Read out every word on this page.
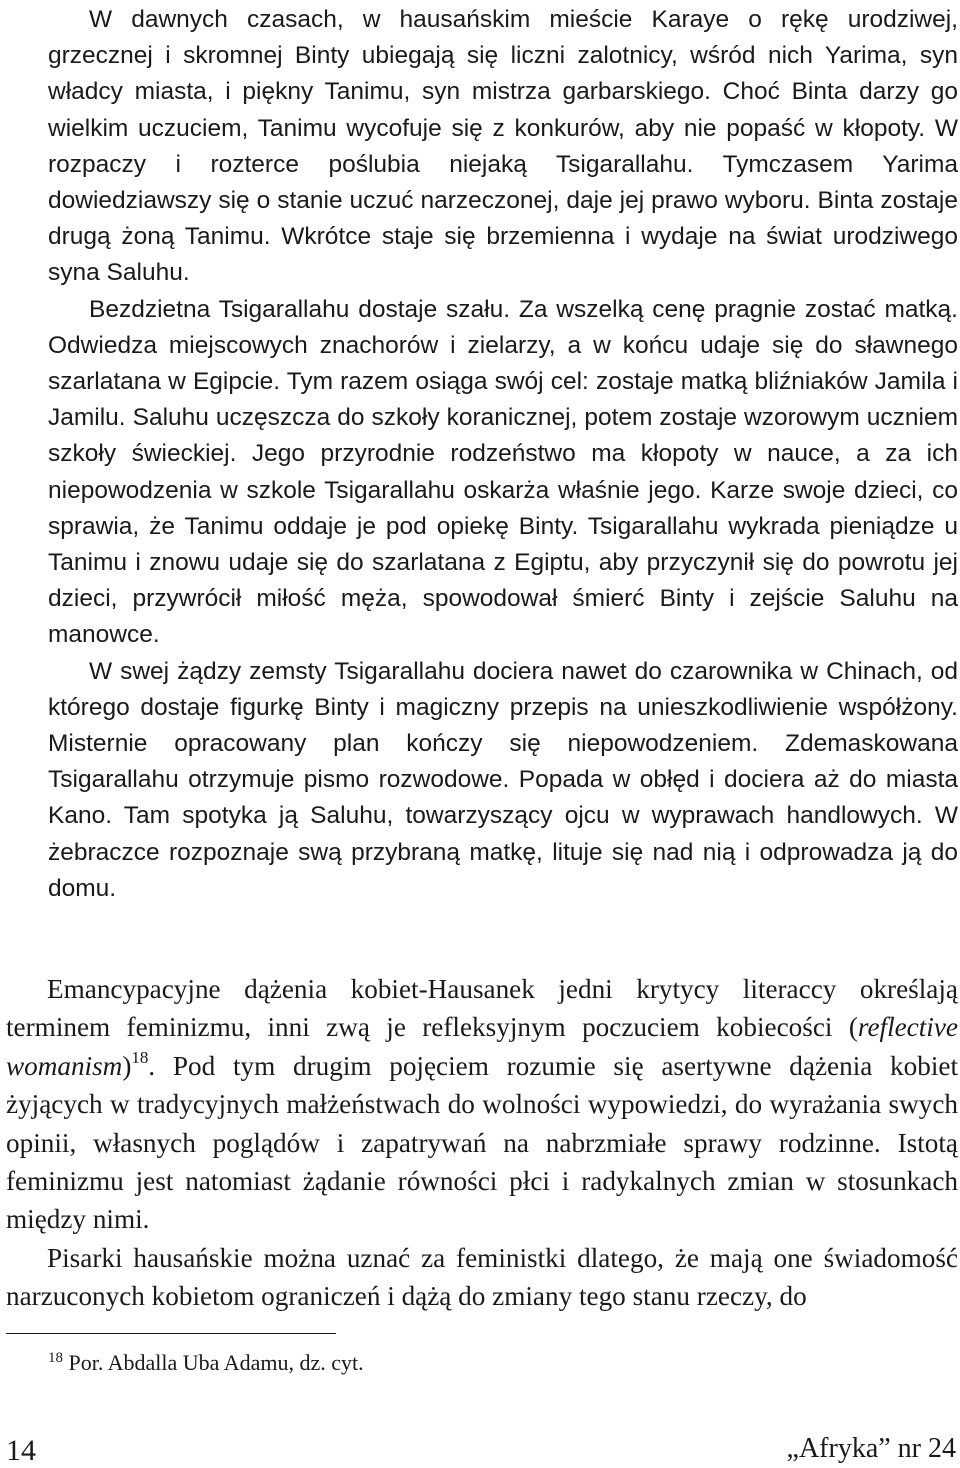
W dawnych czasach, w hausańskim mieście Karaye o rękę urodziwej, grzecznej i skromnej Binty ubiegają się liczni zalotnicy, wśród nich Yarima, syn władcy miasta, i piękny Tanimu, syn mistrza garbarskiego. Choć Binta darzy go wielkim uczuciem, Tanimu wycofuje się z konkurów, aby nie popaść w kłopoty. W rozpaczy i rozterce poślubia niejaką Tsigarallahu. Tymczasem Yarima dowiedziawszy się o stanie uczuć narzeczonej, daje jej prawo wyboru. Binta zostaje drugą żoną Tanimu. Wkrótce staje się brzemienna i wydaje na świat urodziwego syna Saluhu.

Bezdzietna Tsigarallahu dostaje szału. Za wszelką cenę pragnie zostać matką. Odwiedza miejscowych znachorów i zielarzy, a w końcu udaje się do sławnego szarlatana w Egipcie. Tym razem osiąga swój cel: zostaje matką bliźniaków Jamila i Jamilu. Saluhu uczęszcza do szkoły koranicznej, potem zostaje wzorowym uczniem szkoły świeckiej. Jego przyrodnie rodzeństwo ma kłopoty w nauce, a za ich niepowodzenia w szkole Tsigarallahu oskarża właśnie jego. Karze swoje dzieci, co sprawia, że Tanimu oddaje je pod opiekę Binty. Tsigarallahu wykrada pieniądze u Tanimu i znowu udaje się do szarlatana z Egiptu, aby przyczynił się do powrotu jej dzieci, przywrócił miłość męża, spowodował śmierć Binty i zejście Saluhu na manowce.

W swej żądzy zemsty Tsigarallahu dociera nawet do czarownika w Chinach, od którego dostaje figurkę Binty i magiczny przepis na unieszkodliwienie współżony. Misternie opracowany plan kończy się niepowodzeniem. Zdemaskowana Tsigarallahu otrzymuje pismo rozwodowe. Popada w obłęd i dociera aż do miasta Kano. Tam spotyka ją Saluhu, towarzyszący ojcu w wyprawach handlowych. W żebraczce rozpoznaje swą przybraną matkę, lituje się nad nią i odprowadza ją do domu.

Emancypacyjne dążenia kobiet-Hausanek jedni krytycy literaccy określają terminem feminizmu, inni zwą je refleksyjnym poczuciem kobiecości (reflective womanism)$^{18}$. Pod tym drugim pojęciem rozumie się asertywne dążenia kobiet żyjących w tradycyjnych małżeństwach do wolności wypowiedzi, do wyrażania swych opinii, własnych poglądów i zapatrywań na nabrzmiałe sprawy rodzinne. Istotą feminizmu jest natomiast żądanie równości płci i radykalnych zmian w stosunkach między nimi.

Pisarki hausańskie można uznać za feministki dlatego, że mają one świadomość narzuconych kobietom ograniczeń i dążą do zmiany tego stanu rzeczy, do

$^{18}$ Por. Abdalla Uba Adamu, dz. cyt.
14	„Afryka” nr 24
